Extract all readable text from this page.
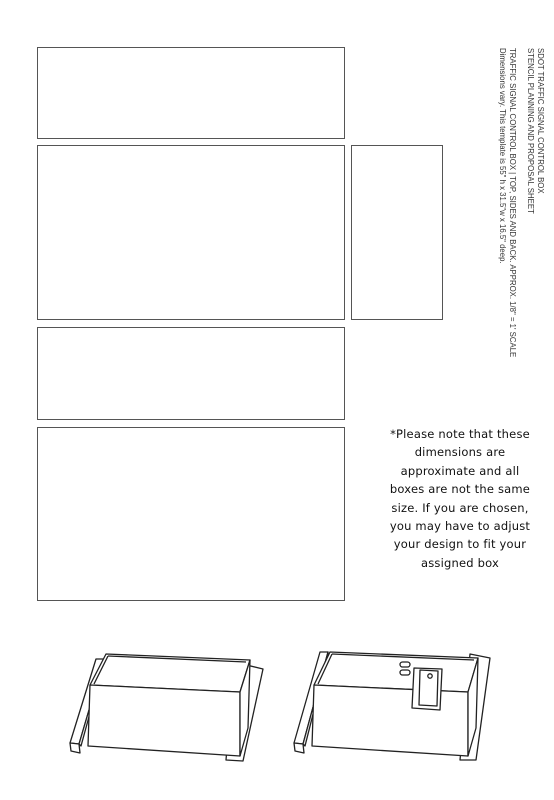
SDOT TRAFFIC SIGNAL CONTROL BOX
STENCIL PLANNING AND PROPOSAL SHEET
TRAFFIC SIGNAL CONTROL BOX | TOP, SIDES AND BACK. APPROX. 1/8" = 1' SCALE
Dimensions vary. This template is 55" h x 31.5"w x 16.5" deep.
*Please note that these
dimensions are
approximate and all
boxes are not the same
size. If you are chosen,
you may have to adjust
your design to fit your
assigned box
